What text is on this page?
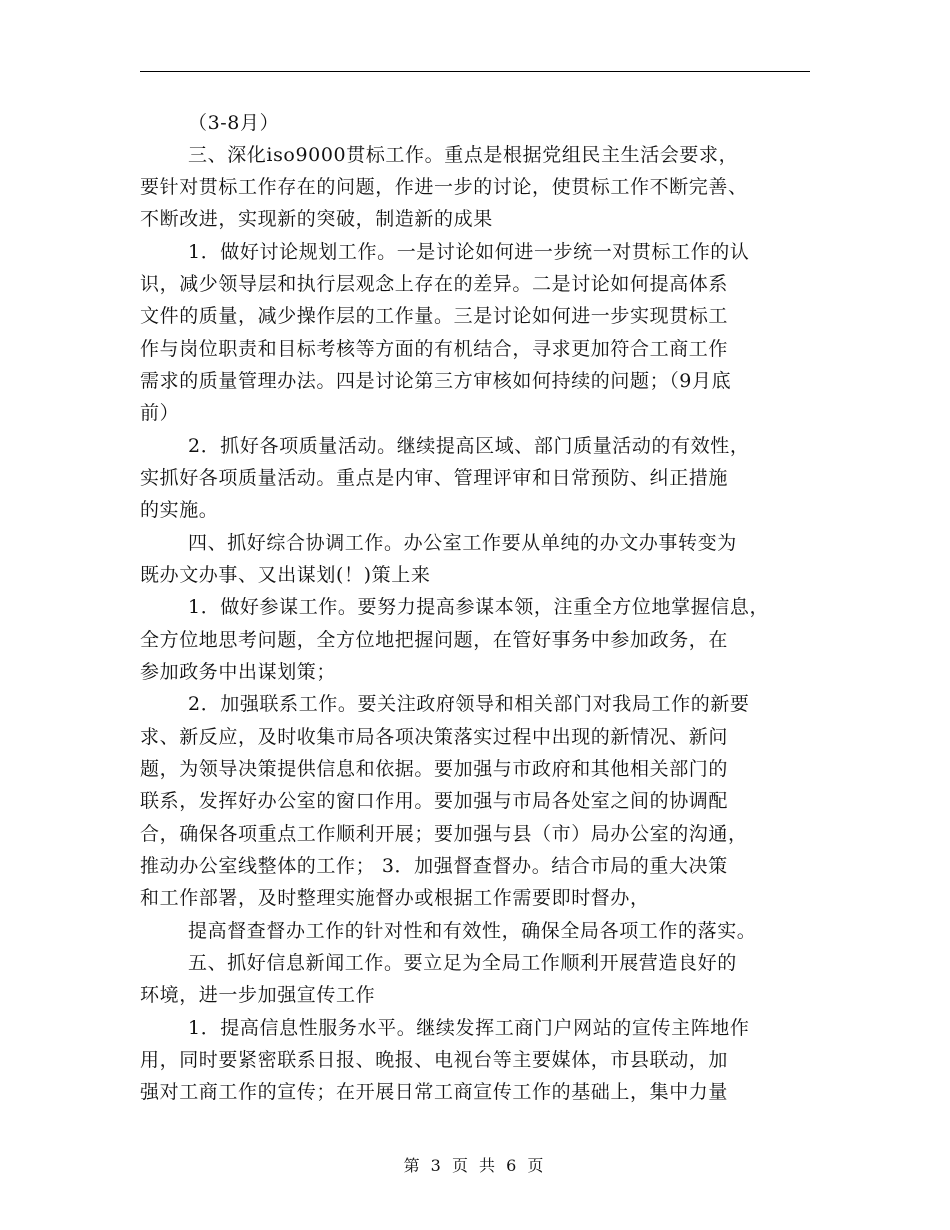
（3-8月）
三、深化iso9000贯标工作。重点是根据党组民主生活会要求，
要针对贯标工作存在的问题，作进一步的讨论，使贯标工作不断完善、
不断改进，实现新的突破，制造新的成果
1．做好讨论规划工作。一是讨论如何进一步统一对贯标工作的认
识，减少领导层和执行层观念上存在的差异。二是讨论如何提高体系
文件的质量，减少操作层的工作量。三是讨论如何进一步实现贯标工
作与岗位职责和目标考核等方面的有机结合，寻求更加符合工商工作
需求的质量管理办法。四是讨论第三方审核如何持续的问题；（9月底
前）
2．抓好各项质量活动。继续提高区域、部门质量活动的有效性，
实抓好各项质量活动。重点是内审、管理评审和日常预防、纠正措施
的实施。
四、抓好综合协调工作。办公室工作要从单纯的办文办事转变为
既办文办事、又出谋划(！)策上来
1．做好参谋工作。要努力提高参谋本领，注重全方位地掌握信息，
全方位地思考问题，全方位地把握问题，在管好事务中参加政务，在
参加政务中出谋划策；
2．加强联系工作。要关注政府领导和相关部门对我局工作的新要
求、新反应，及时收集市局各项决策落实过程中出现的新情况、新问
题，为领导决策提供信息和依据。要加强与市政府和其他相关部门的
联系，发挥好办公室的窗口作用。要加强与市局各处室之间的协调配
合，确保各项重点工作顺利开展；要加强与县（市）局办公室的沟通，
推动办公室线整体的工作； 3．加强督查督办。结合市局的重大决策
和工作部署，及时整理实施督办或根据工作需要即时督办，
提高督查督办工作的针对性和有效性，确保全局各项工作的落实。
五、抓好信息新闻工作。要立足为全局工作顺利开展营造良好的
环境，进一步加强宣传工作
1．提高信息性服务水平。继续发挥工商门户网站的宣传主阵地作
用，同时要紧密联系日报、晚报、电视台等主要媒体，市县联动，加
强对工商工作的宣传；在开展日常工商宣传工作的基础上，集中力量
第 3 页 共 6 页
